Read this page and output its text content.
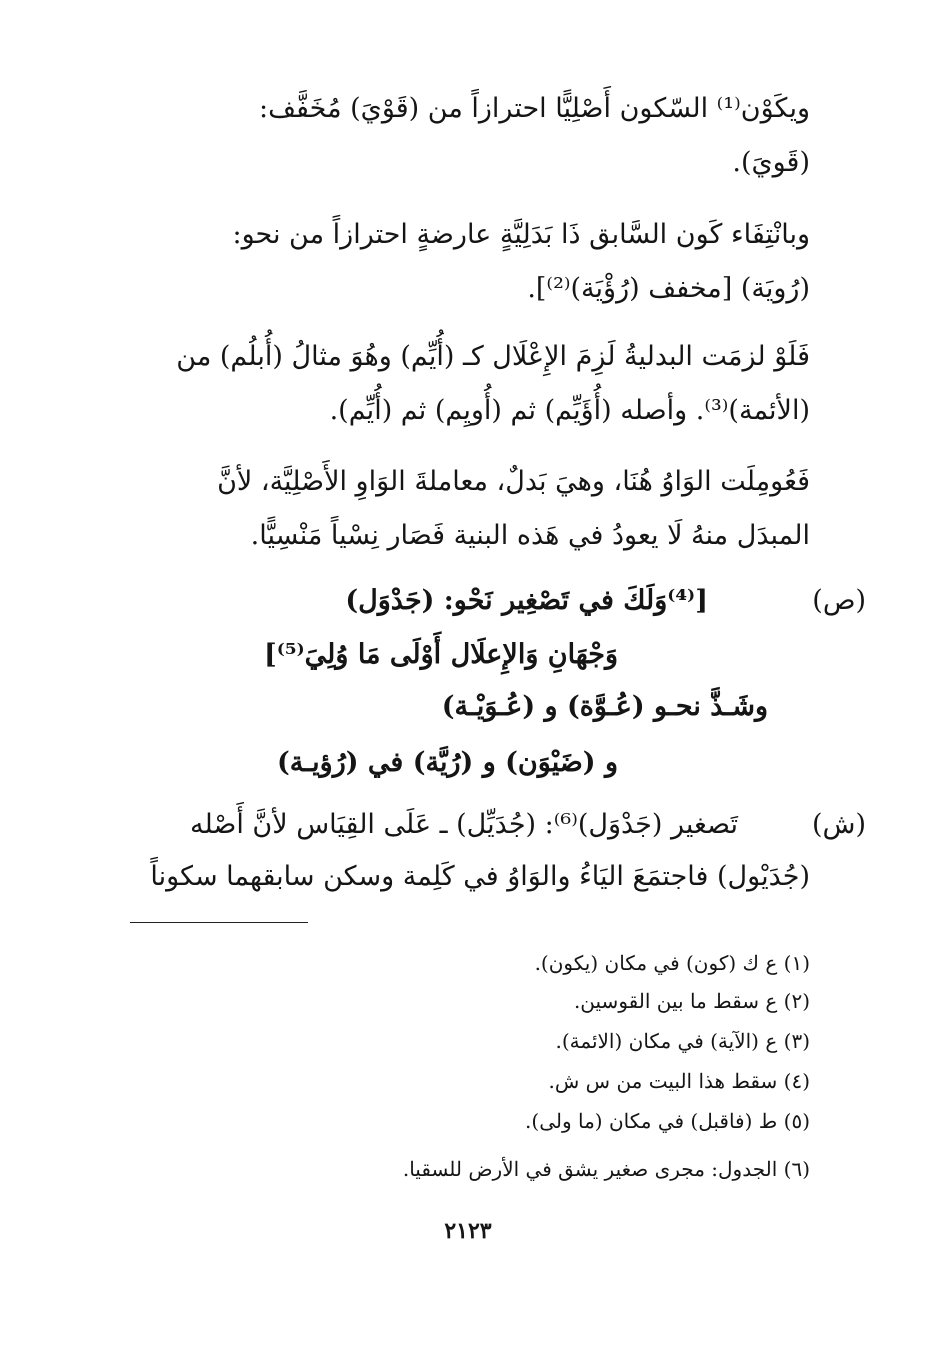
ويكَوْن⁽¹⁾ السّكون أَصْلِيًّا احترازاً من (قَوْيَ) مُخَفَّف:
(قَويَ).
وبانْتِفَاء كَون السَّابق ذَا بَدَلِيَّةٍ عارضةٍ احترازاً من نحو:
(رُويَة) [مخفف (رُؤْيَة)⁽²⁾].
فَلَوْ لزمَت البدليةُ لَزِمَ الإِعْلَال كـ (أُيِّم) وهُوَ مثالُ (أُبلُم) من
(الأئمة)⁽³⁾. وأصله (أُؤَيِّم) ثم (أُويِم) ثم (أُيِّم).
فَعُومِلَت الوَاوُ هُنَا، وهيَ بَدلٌ، معاملةَ الوَاوِ الأَصْلِيَّة، لأنَّ
المبدَل منهُ لَا يعودُ في هَذه البنية فَصَار نِسْياً مَنْسِيًّا.
(ص)
[⁽⁴⁾وَلَكَ في تَصْغِير نَحْو: (جَدْوَل)
وَجْهَانِ وَالإِعلَال أَوْلَى مَا وُلِيَ⁽⁵⁾]
وشَـذَّ نحـو (عُـوَّة) و (عُـوَيْـة)
و (ضَيْوَن) و (رُيَّة) في (رُؤيـة)
(ش)
تَصغير (جَدْوَل)⁽⁶⁾: (جُدَيِّل) ـ عَلَى القِيَاس لأنَّ أَصْله
(جُدَيْول) فاجتمَعَ اليَاءُ والوَاوُ في كَلِمة وسكن سابقهما سكوناً
(١) ع ك (كون) في مكان (يكون).
(٢) ع سقط ما بين القوسين.
(٣) ع (الآية) في مكان (الائمة).
(٤) سقط هذا البيت من س ش.
(٥) ط (فاقبل) في مكان (ما ولى).
(٦) الجدول: مجرى صغير يشق في الأرض للسقيا.
٢١٢٣
